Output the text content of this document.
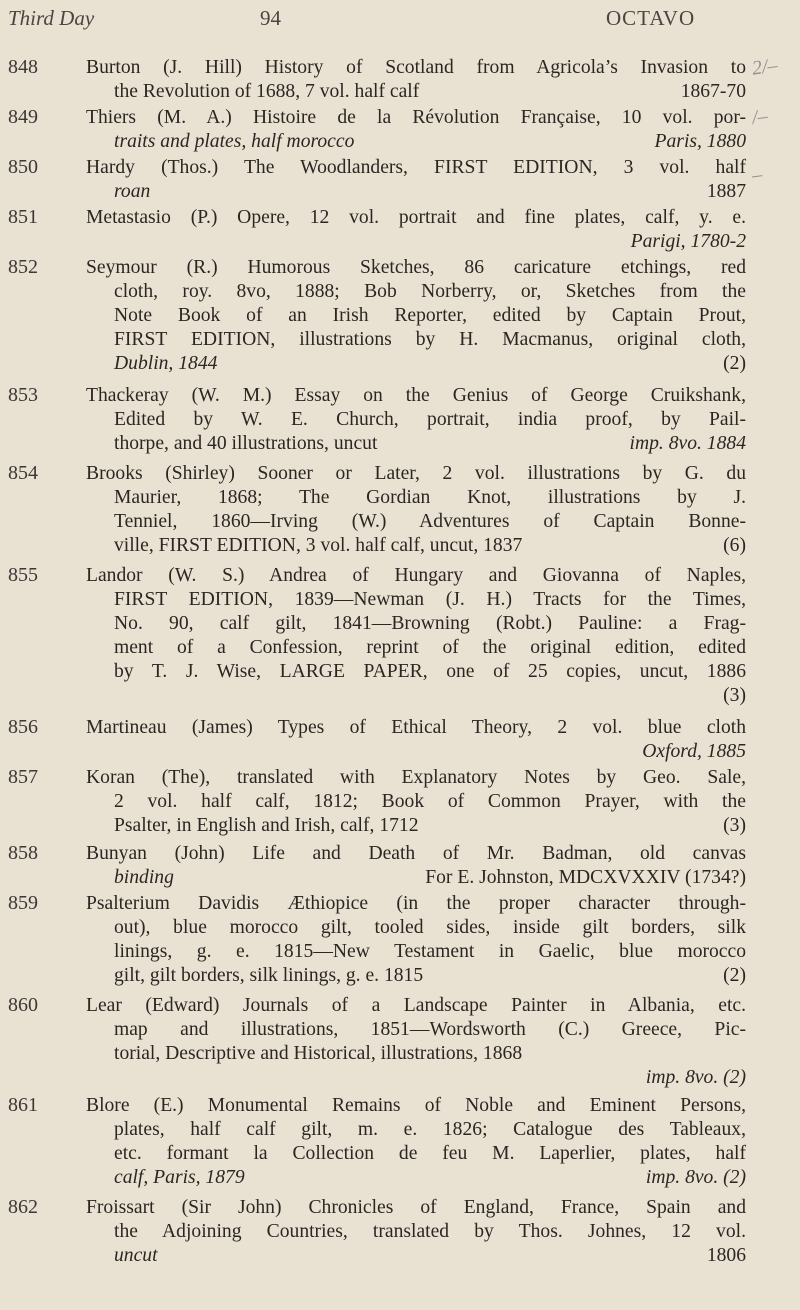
Third Day	94	OCTAVO
848 Burton (J. Hill) History of Scotland from Agricola’s Invasion to
the Revolution of 1688, 7 vol. half calf	1867-70
2/–
849 Thiers (M. A.) Histoire de la Révolution Française, 10 vol. por-
traits and plates, half morocco	Paris, 1880
/–
850 Hardy (Thos.) The Woodlanders, FIRST EDITION, 3 vol. half
roan	1887
–
851 Metastasio (P.) Opere, 12 vol. portrait and fine plates, calf, y. e.
Parigi, 1780-2
852 Seymour (R.) Humorous Sketches, 86 caricature etchings, red
cloth, roy. 8vo, 1888; Bob Norberry, or, Sketches from the
Note Book of an Irish Reporter, edited by Captain Prout,
FIRST EDITION, illustrations by H. Macmanus, original cloth,
Dublin, 1844	(2)
853 Thackeray (W. M.) Essay on the Genius of George Cruikshank,
Edited by W. E. Church, portrait, india proof, by Pail-
thorpe, and 40 illustrations, uncut	imp. 8vo. 1884
854 Brooks (Shirley) Sooner or Later, 2 vol. illustrations by G. du
Maurier, 1868; The Gordian Knot, illustrations by J.
Tenniel, 1860—Irving (W.) Adventures of Captain Bonne-
ville, FIRST EDITION, 3 vol. half calf, uncut, 1837	(6)
855 Landor (W. S.) Andrea of Hungary and Giovanna of Naples,
FIRST EDITION, 1839—Newman (J. H.) Tracts for the Times,
No. 90, calf gilt, 1841—Browning (Robt.) Pauline: a Frag-
ment of a Confession, reprint of the original edition, edited
by T. J. Wise, LARGE PAPER, one of 25 copies, uncut, 1886
(3)
856 Martineau (James) Types of Ethical Theory, 2 vol. blue cloth
Oxford, 1885
857 Koran (The), translated with Explanatory Notes by Geo. Sale,
2 vol. half calf, 1812; Book of Common Prayer, with the
Psalter, in English and Irish, calf, 1712	(3)
858 Bunyan (John) Life and Death of Mr. Badman, old canvas
binding	For E. Johnston, MDCXVXXIV (1734?)
859 Psalterium Davidis Æthiopice (in the proper character through-
out), blue morocco gilt, tooled sides, inside gilt borders, silk
linings, g. e. 1815—New Testament in Gaelic, blue morocco
gilt, gilt borders, silk linings, g. e. 1815	(2)
860 Lear (Edward) Journals of a Landscape Painter in Albania, etc.
map and illustrations, 1851—Wordsworth (C.) Greece, Pic-
torial, Descriptive and Historical, illustrations, 1868
imp. 8vo. (2)
861 Blore (E.) Monumental Remains of Noble and Eminent Persons,
plates, half calf gilt, m. e. 1826; Catalogue des Tableaux,
etc. formant la Collection de feu M. Laperlier, plates, half
calf, Paris, 1879	imp. 8vo. (2)
862 Froissart (Sir John) Chronicles of England, France, Spain and
the Adjoining Countries, translated by Thos. Johnes, 12 vol.
uncut	1806
